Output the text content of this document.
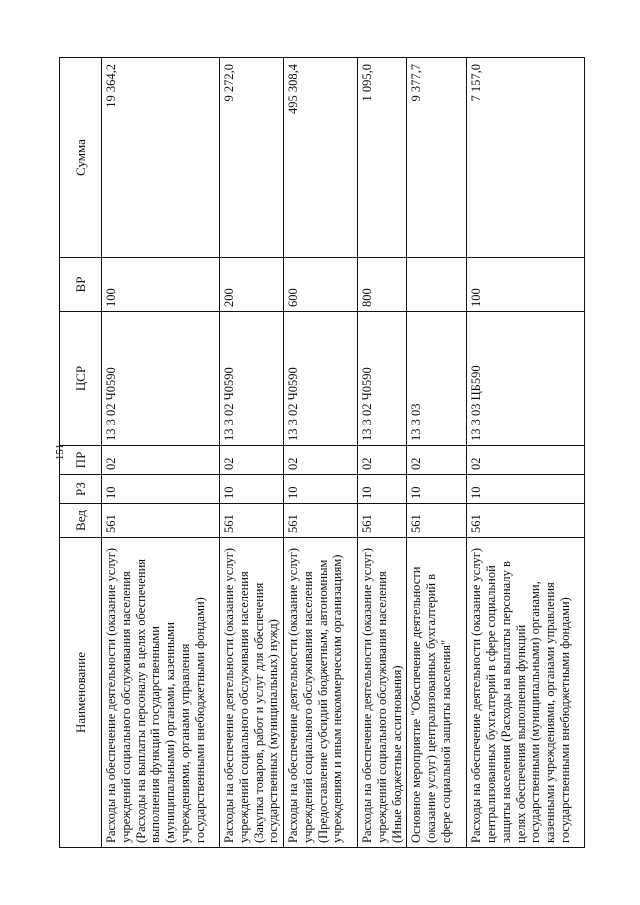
151
Наименование	Вед	РЗ	ПР	ЦСР	ВР	Сумма
Расходы на обеспечение деятельности (оказание услуг) учреждений социального обслуживания населения (Расходы на выплаты персоналу в целях обеспечения выполнения функций государственными (муниципальными) органами, казенными учреждениями, органами управления государственными внебюджетными фондами)	561	10	02	13 3 02 Ч0590	100	19 364,2
Расходы на обеспечение деятельности (оказание услуг) учреждений социального обслуживания населения (Закупка товаров, работ и услуг для обеспечения государственных (муниципальных) нужд)	561	10	02	13 3 02 Ч0590	200	9 272,0
Расходы на обеспечение деятельности (оказание услуг) учреждений социального обслуживания населения (Предоставление субсидий бюджетным, автономным учреждениям и иным некоммерческим организациям)	561	10	02	13 3 02 Ч0590	600	495 308,4
Расходы на обеспечение деятельности (оказание услуг) учреждений социального обслуживания населения (Иные бюджетные ассигнования)	561	10	02	13 3 02 Ч0590	800	1 095,0
Основное мероприятие "Обеспечение деятельности (оказание услуг) централизованных бухгалтерий в сфере социальной защиты населения"	561	10	02	13 3 03		9 377,7
Расходы на обеспечение деятельности (оказание услуг) централизованных бухгалтерий в сфере социальной защиты населения (Расходы на выплаты персоналу в целях обеспечения выполнения функций государственными (муниципальными) органами, казенными учреждениями, органами управления государственными внебюджетными фондами)	561	10	02	13 3 03 ЦБ590	100	7 157,0
